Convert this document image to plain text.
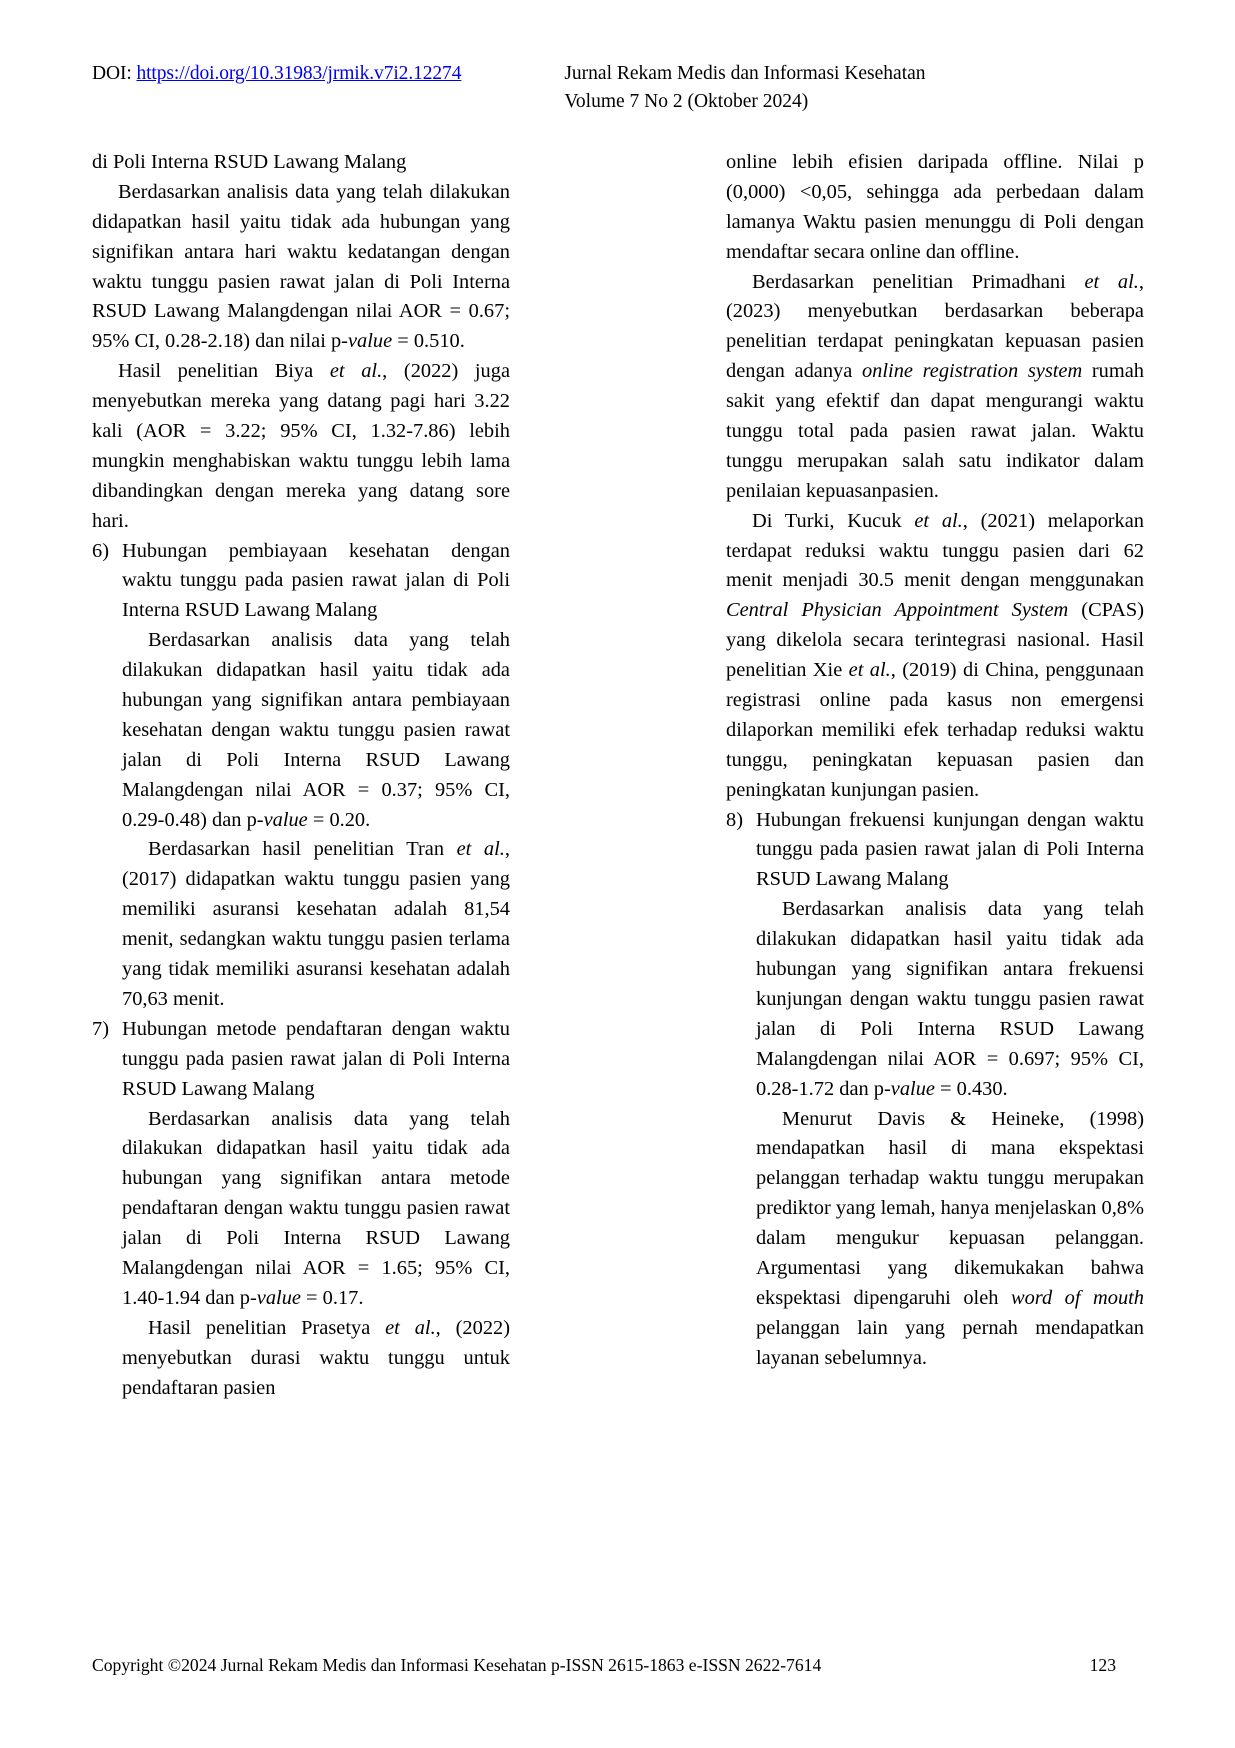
DOI: https://doi.org/10.31983/jrmik.v7i2.12274	Jurnal Rekam Medis dan Informasi Kesehatan
Volume 7 No 2 (Oktober 2024)

di Poli Interna RSUD Lawang Malang

Berdasarkan analisis data yang telah dilakukan didapatkan hasil yaitu tidak ada hubungan yang signifikan antara hari waktu kedatangan dengan waktu tunggu pasien rawat jalan di Poli Interna RSUD Lawang Malangdengan nilai AOR = 0.67; 95% CI, 0.28-2.18) dan nilai p-value = 0.510.

Hasil penelitian Biya et al., (2022) juga menyebutkan mereka yang datang pagi hari 3.22 kali (AOR = 3.22; 95% CI, 1.32-7.86) lebih mungkin menghabiskan waktu tunggu lebih lama dibandingkan dengan mereka yang datang sore hari.

6) Hubungan pembiayaan kesehatan dengan waktu tunggu pada pasien rawat jalan di Poli Interna RSUD Lawang Malang

Berdasarkan analisis data yang telah dilakukan didapatkan hasil yaitu tidak ada hubungan yang signifikan antara pembiayaan kesehatan dengan waktu tunggu pasien rawat jalan di Poli Interna RSUD Lawang Malangdengan nilai AOR = 0.37; 95% CI, 0.29-0.48) dan p-value = 0.20.

Berdasarkan hasil penelitian Tran et al., (2017) didapatkan waktu tunggu pasien yang memiliki asuransi kesehatan adalah 81,54 menit, sedangkan waktu tunggu pasien terlama yang tidak memiliki asuransi kesehatan adalah 70,63 menit.

7) Hubungan metode pendaftaran dengan waktu tunggu pada pasien rawat jalan di Poli Interna RSUD Lawang Malang

Berdasarkan analisis data yang telah dilakukan didapatkan hasil yaitu tidak ada hubungan yang signifikan antara metode pendaftaran dengan waktu tunggu pasien rawat jalan di Poli Interna RSUD Lawang Malangdengan nilai AOR = 1.65; 95% CI, 1.40-1.94 dan p-value = 0.17.

Hasil penelitian Prasetya et al., (2022) menyebutkan durasi waktu tunggu untuk pendaftaran pasien

online lebih efisien daripada offline. Nilai p (0,000) <0,05, sehingga ada perbedaan dalam lamanya Waktu pasien menunggu di Poli dengan mendaftar secara online dan offline.

Berdasarkan penelitian Primadhani et al., (2023) menyebutkan berdasarkan beberapa penelitian terdapat peningkatan kepuasan pasien dengan adanya online registration system rumah sakit yang efektif dan dapat mengurangi waktu tunggu total pada pasien rawat jalan. Waktu tunggu merupakan salah satu indikator dalam penilaian kepuasanpasien.

Di Turki, Kucuk et al., (2021) melaporkan terdapat reduksi waktu tunggu pasien dari 62 menit menjadi 30.5 menit dengan menggunakan Central Physician Appointment System (CPAS) yang dikelola secara terintegrasi nasional. Hasil penelitian Xie et al., (2019) di China, penggunaan registrasi online pada kasus non emergensi dilaporkan memiliki efek terhadap reduksi waktu tunggu, peningkatan kepuasan pasien dan peningkatan kunjungan pasien.

8) Hubungan frekuensi kunjungan dengan waktu tunggu pada pasien rawat jalan di Poli Interna RSUD Lawang Malang

Berdasarkan analisis data yang telah dilakukan didapatkan hasil yaitu tidak ada hubungan yang signifikan antara frekuensi kunjungan dengan waktu tunggu pasien rawat jalan di Poli Interna RSUD Lawang Malangdengan nilai AOR = 0.697; 95% CI, 0.28-1.72 dan p-value = 0.430.

Menurut Davis & Heineke, (1998) mendapatkan hasil di mana ekspektasi pelanggan terhadap waktu tunggu merupakan prediktor yang lemah, hanya menjelaskan 0,8% dalam mengukur kepuasan pelanggan. Argumentasi yang dikemukakan bahwa ekspektasi dipengaruhi oleh word of mouth pelanggan lain yang pernah mendapatkan layanan sebelumnya.

Copyright ©2024 Jurnal Rekam Medis dan Informasi Kesehatan p-ISSN 2615-1863 e-ISSN 2622-7614	123
